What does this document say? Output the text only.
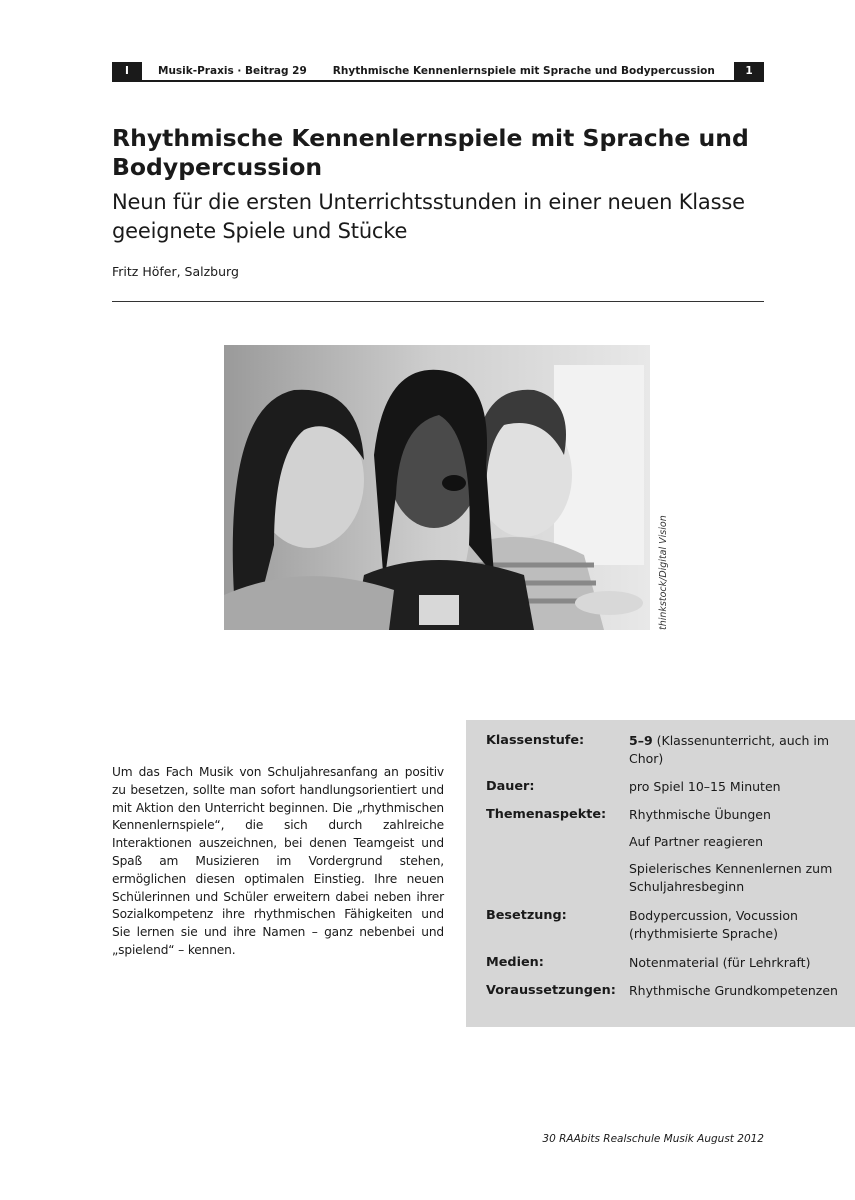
I	Musik-Praxis · Beitrag 29 Rhythmische Kennenlernspiele mit Sprache und Bodypercussion	1
Rhythmische Kennenlernspiele mit Sprache und Bodypercussion
Neun für die ersten Unterrichtsstunden in einer neuen Klasse geeignete Spiele und Stücke
Fritz Höfer, Salzburg
thinkstock/Digital Vision

Um das Fach Musik von Schuljahresanfang an positiv zu besetzen, sollte man sofort handlungsorientiert und mit Aktion den Unterricht beginnen. Die „rhythmischen Kennenlernspiele“, die sich durch zahlreiche Interaktionen auszeichnen, bei denen Teamgeist und Spaß am Musizieren im Vordergrund stehen, ermöglichen diesen optimalen Einstieg. Ihre neuen Schülerinnen und Schüler erweitern dabei neben ihrer Sozialkompetenz ihre rhythmischen Fähigkeiten und Sie lernen sie und ihre Namen – ganz nebenbei und „spielend“ – kennen.

Klassenstufe:	5–9 (Klassenunterricht, auch im Chor)
Dauer:	pro Spiel 10–15 Minuten
Themenaspekte:	Rhythmische Übungen
Auf Partner reagieren
Spielerisches Kennenlernen zum Schuljahresbeginn
Besetzung:	Bodypercussion, Vocussion (rhythmisierte Sprache)
Medien:	Notenmaterial (für Lehrkraft)
Voraussetzungen:	Rhythmische Grundkompetenzen
30 RAAbits Realschule Musik August 2012
